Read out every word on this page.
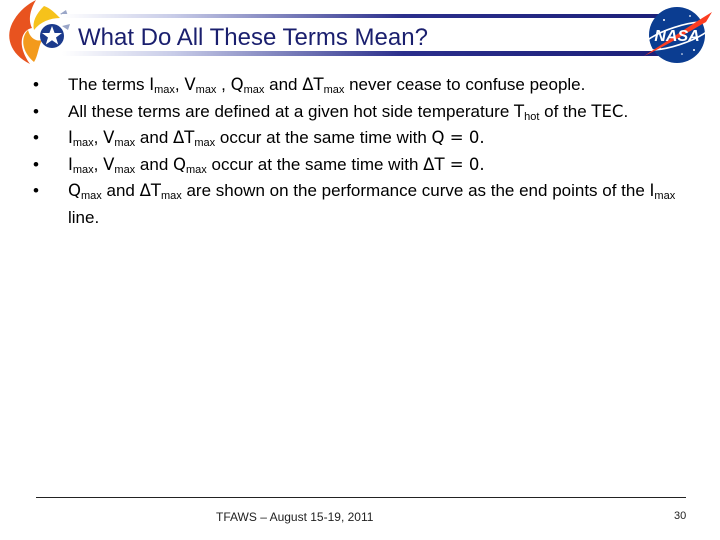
What Do All These Terms Mean?	NASA
•	The terms $I_{max}$, $V_{max}$ , $Q_{max}$ and $\Delta T_{max}$ never cease to confuse people.
•	All these terms are defined at a given hot side temperature $T_{hot}$ of the TEC.
•	$I_{max}$, $V_{max}$ and $\Delta T_{max}$ occur at the same time with Q = 0.
•	$I_{max}$, $V_{max}$ and $Q_{max}$ occur at the same time with ΔT = 0.
•	$Q_{max}$ and $\Delta T_{max}$ are shown on the performance curve as the end points of the $I_{max}$ line.
TFAWS – August 15-19, 2011	30
